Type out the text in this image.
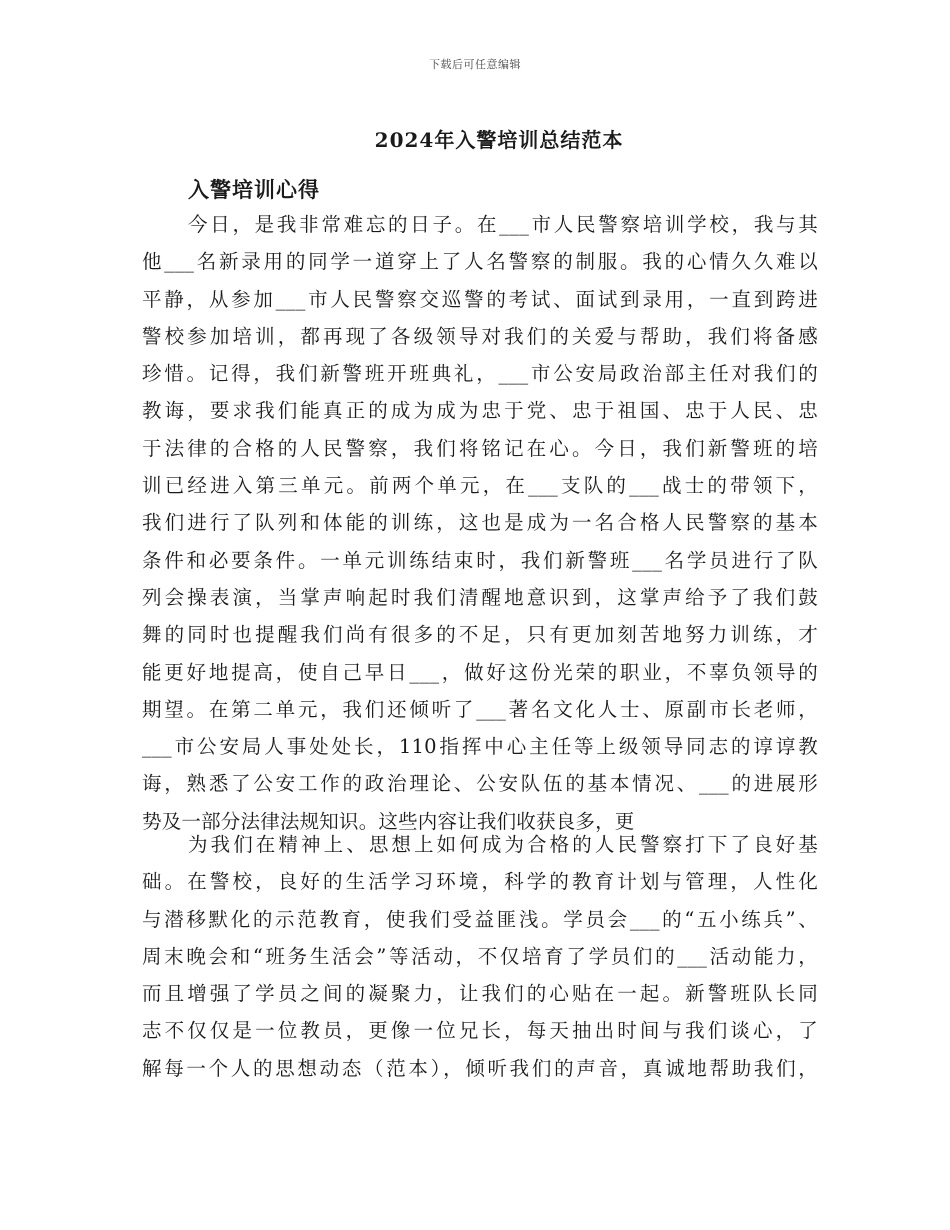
下载后可任意编辑
2024年入警培训总结范本
入警培训心得
今日，是我非常难忘的日子。在___市人民警察培训学校，我与其
他___名新录用的同学一道穿上了人名警察的制服。我的心情久久难以
平静，从参加___市人民警察交巡警的考试、面试到录用，一直到跨进
警校参加培训，都再现了各级领导对我们的关爱与帮助，我们将备感
珍惜。记得，我们新警班开班典礼，___市公安局政治部主任对我们的
教诲，要求我们能真正的成为成为忠于党、忠于祖国、忠于人民、忠
于法律的合格的人民警察，我们将铭记在心。今日，我们新警班的培
训已经进入第三单元。前两个单元，在___支队的___战士的带领下，
我们进行了队列和体能的训练，这也是成为一名合格人民警察的基本
条件和必要条件。一单元训练结束时，我们新警班___名学员进行了队
列会操表演，当掌声响起时我们清醒地意识到，这掌声给予了我们鼓
舞的同时也提醒我们尚有很多的不足，只有更加刻苦地努力训练，才
能更好地提高，使自己早日___，做好这份光荣的职业，不辜负领导的
期望。在第二单元，我们还倾听了___著名文化人士、原副市长老师，
___市公安局人事处处长，110指挥中心主任等上级领导同志的谆谆教
诲，熟悉了公安工作的政治理论、公安队伍的基本情况、___的进展形
势及一部分法律法规知识。这些内容让我们收获良多，更
为我们在精神上、思想上如何成为合格的人民警察打下了良好基
础。在警校，良好的生活学习环境，科学的教育计划与管理，人性化
与潜移默化的示范教育，使我们受益匪浅。学员会___的“五小练兵”、
周末晚会和“班务生活会”等活动，不仅培育了学员们的___活动能力，
而且增强了学员之间的凝聚力，让我们的心贴在一起。新警班队长同
志不仅仅是一位教员，更像一位兄长，每天抽出时间与我们谈心，了
解每一个人的思想动态（范本），倾听我们的声音，真诚地帮助我们，
